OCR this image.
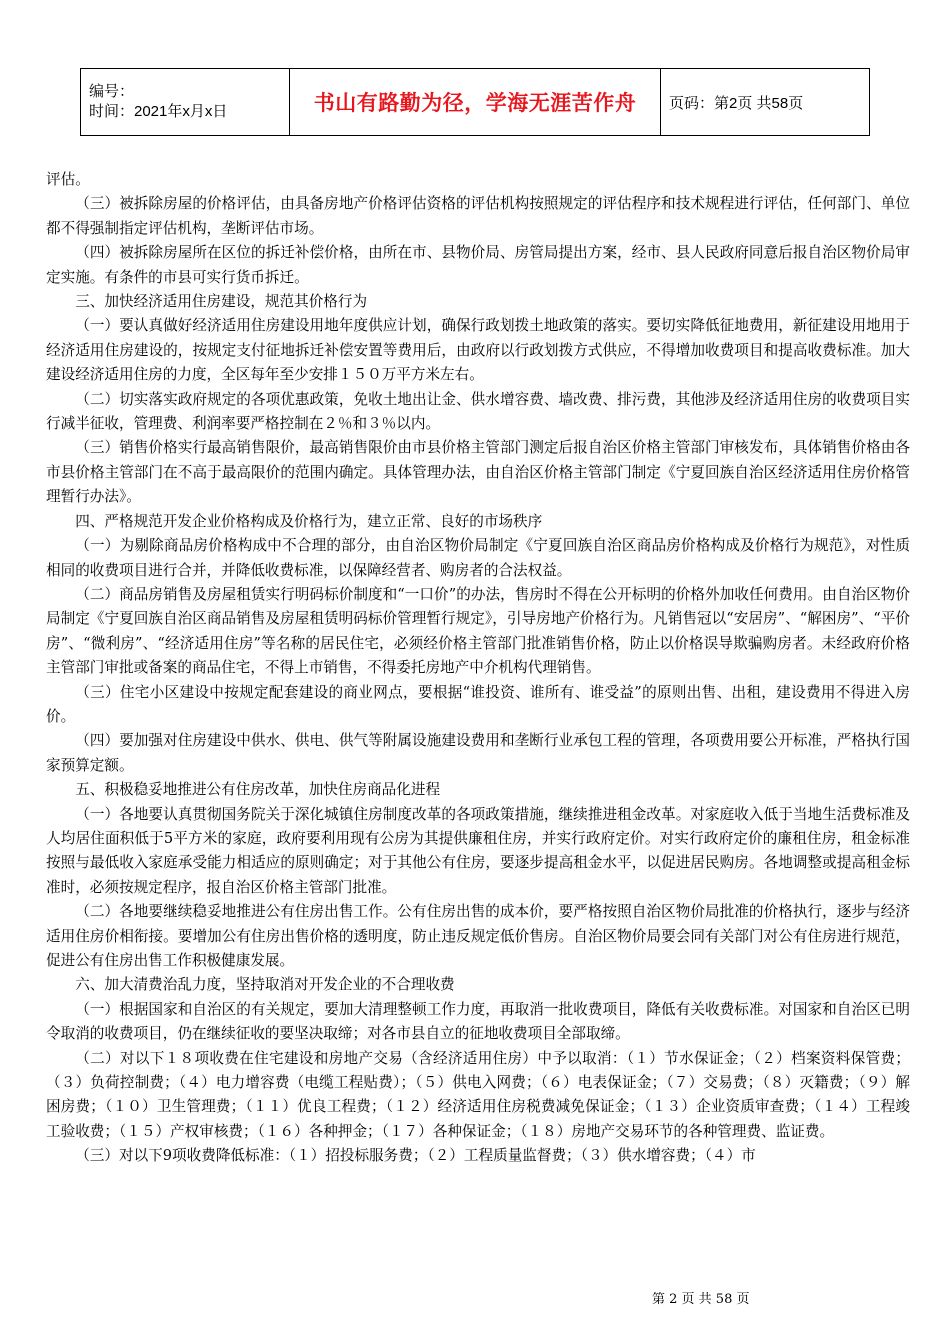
编号：
时间：2021年x月x日	书山有路勤为径，学海无涯苦作舟	页码：第2页 共58页

评估。

（三）被拆除房屋的价格评估，由具备房地产价格评估资格的评估机构按照规定的评估程序和技术规程进行评估，任何部门、单位都不得强制指定评估机构，垄断评估市场。

（四）被拆除房屋所在区位的拆迁补偿价格，由所在市、县物价局、房管局提出方案，经市、县人民政府同意后报自治区物价局审定实施。有条件的市县可实行货币拆迁。

三、加快经济适用住房建设，规范其价格行为

（一）要认真做好经济适用住房建设用地年度供应计划，确保行政划拨土地政策的落实。要切实降低征地费用，新征建设用地用于经济适用住房建设的，按规定支付征地拆迁补偿安置等费用后，由政府以行政划拨方式供应，不得增加收费项目和提高收费标准。加大建设经济适用住房的力度，全区每年至少安排１５０万平方米左右。

（二）切实落实政府规定的各项优惠政策，免收土地出让金、供水增容费、墙改费、排污费，其他涉及经济适用住房的收费项目实行减半征收，管理费、利润率要严格控制在２％和３％以内。

（三）销售价格实行最高销售限价，最高销售限价由市县价格主管部门测定后报自治区价格主管部门审核发布，具体销售价格由各市县价格主管部门在不高于最高限价的范围内确定。具体管理办法，由自治区价格主管部门制定《宁夏回族自治区经济适用住房价格管理暂行办法》。

四、严格规范开发企业价格构成及价格行为，建立正常、良好的市场秩序

（一）为剔除商品房价格构成中不合理的部分，由自治区物价局制定《宁夏回族自治区商品房价格构成及价格行为规范》，对性质相同的收费项目进行合并，并降低收费标准，以保障经营者、购房者的合法权益。

（二）商品房销售及房屋租赁实行明码标价制度和“一口价”的办法，售房时不得在公开标明的价格外加收任何费用。由自治区物价局制定《宁夏回族自治区商品销售及房屋租赁明码标价管理暂行规定》，引导房地产价格行为。凡销售冠以“安居房”、“解困房”、“平价房”、“微利房”、“经济适用住房”等名称的居民住宅，必须经价格主管部门批准销售价格，防止以价格误导欺骗购房者。未经政府价格主管部门审批或备案的商品住宅，不得上市销售，不得委托房地产中介机构代理销售。

（三）住宅小区建设中按规定配套建设的商业网点，要根据“谁投资、谁所有、谁受益”的原则出售、出租，建设费用不得进入房价。

（四）要加强对住房建设中供水、供电、供气等附属设施建设费用和垄断行业承包工程的管理，各项费用要公开标准，严格执行国家预算定额。

五、积极稳妥地推进公有住房改革，加快住房商品化进程

（一）各地要认真贯彻国务院关于深化城镇住房制度改革的各项政策措施，继续推进租金改革。对家庭收入低于当地生活费标准及人均居住面积低于5平方米的家庭，政府要利用现有公房为其提供廉租住房，并实行政府定价。对实行政府定价的廉租住房，租金标准按照与最低收入家庭承受能力相适应的原则确定；对于其他公有住房，要逐步提高租金水平，以促进居民购房。各地调整或提高租金标准时，必须按规定程序，报自治区价格主管部门批准。

（二）各地要继续稳妥地推进公有住房出售工作。公有住房出售的成本价，要严格按照自治区物价局批准的价格执行，逐步与经济适用住房价相衔接。要增加公有住房出售价格的透明度，防止违反规定低价售房。自治区物价局要会同有关部门对公有住房进行规范，促进公有住房出售工作积极健康发展。

六、加大清费治乱力度，坚持取消对开发企业的不合理收费

（一）根据国家和自治区的有关规定，要加大清理整顿工作力度，再取消一批收费项目，降低有关收费标准。对国家和自治区已明令取消的收费项目，仍在继续征收的要坚决取缔；对各市县自立的征地收费项目全部取缔。

（二）对以下１８项收费在住宅建设和房地产交易（含经济适用住房）中予以取消：（１）节水保证金；（２）档案资料保管费；（３）负荷控制费；（４）电力增容费（电缆工程贴费）；（５）供电入网费；（６）电表保证金；（７）交易费；（８）灭籍费；（９）解困房费；（１０）卫生管理费；（１１）优良工程费；（１２）经济适用住房税费减免保证金；（１３）企业资质审查费；（１４）工程竣工验收费；（１５）产权审核费；（１６）各种押金；（１７）各种保证金；（１８）房地产交易环节的各种管理费、监证费。

（三）对以下9项收费降低标准：（１）招投标服务费；（２）工程质量监督费；（３）供水增容费；（４）市

第 2 页 共 58 页
